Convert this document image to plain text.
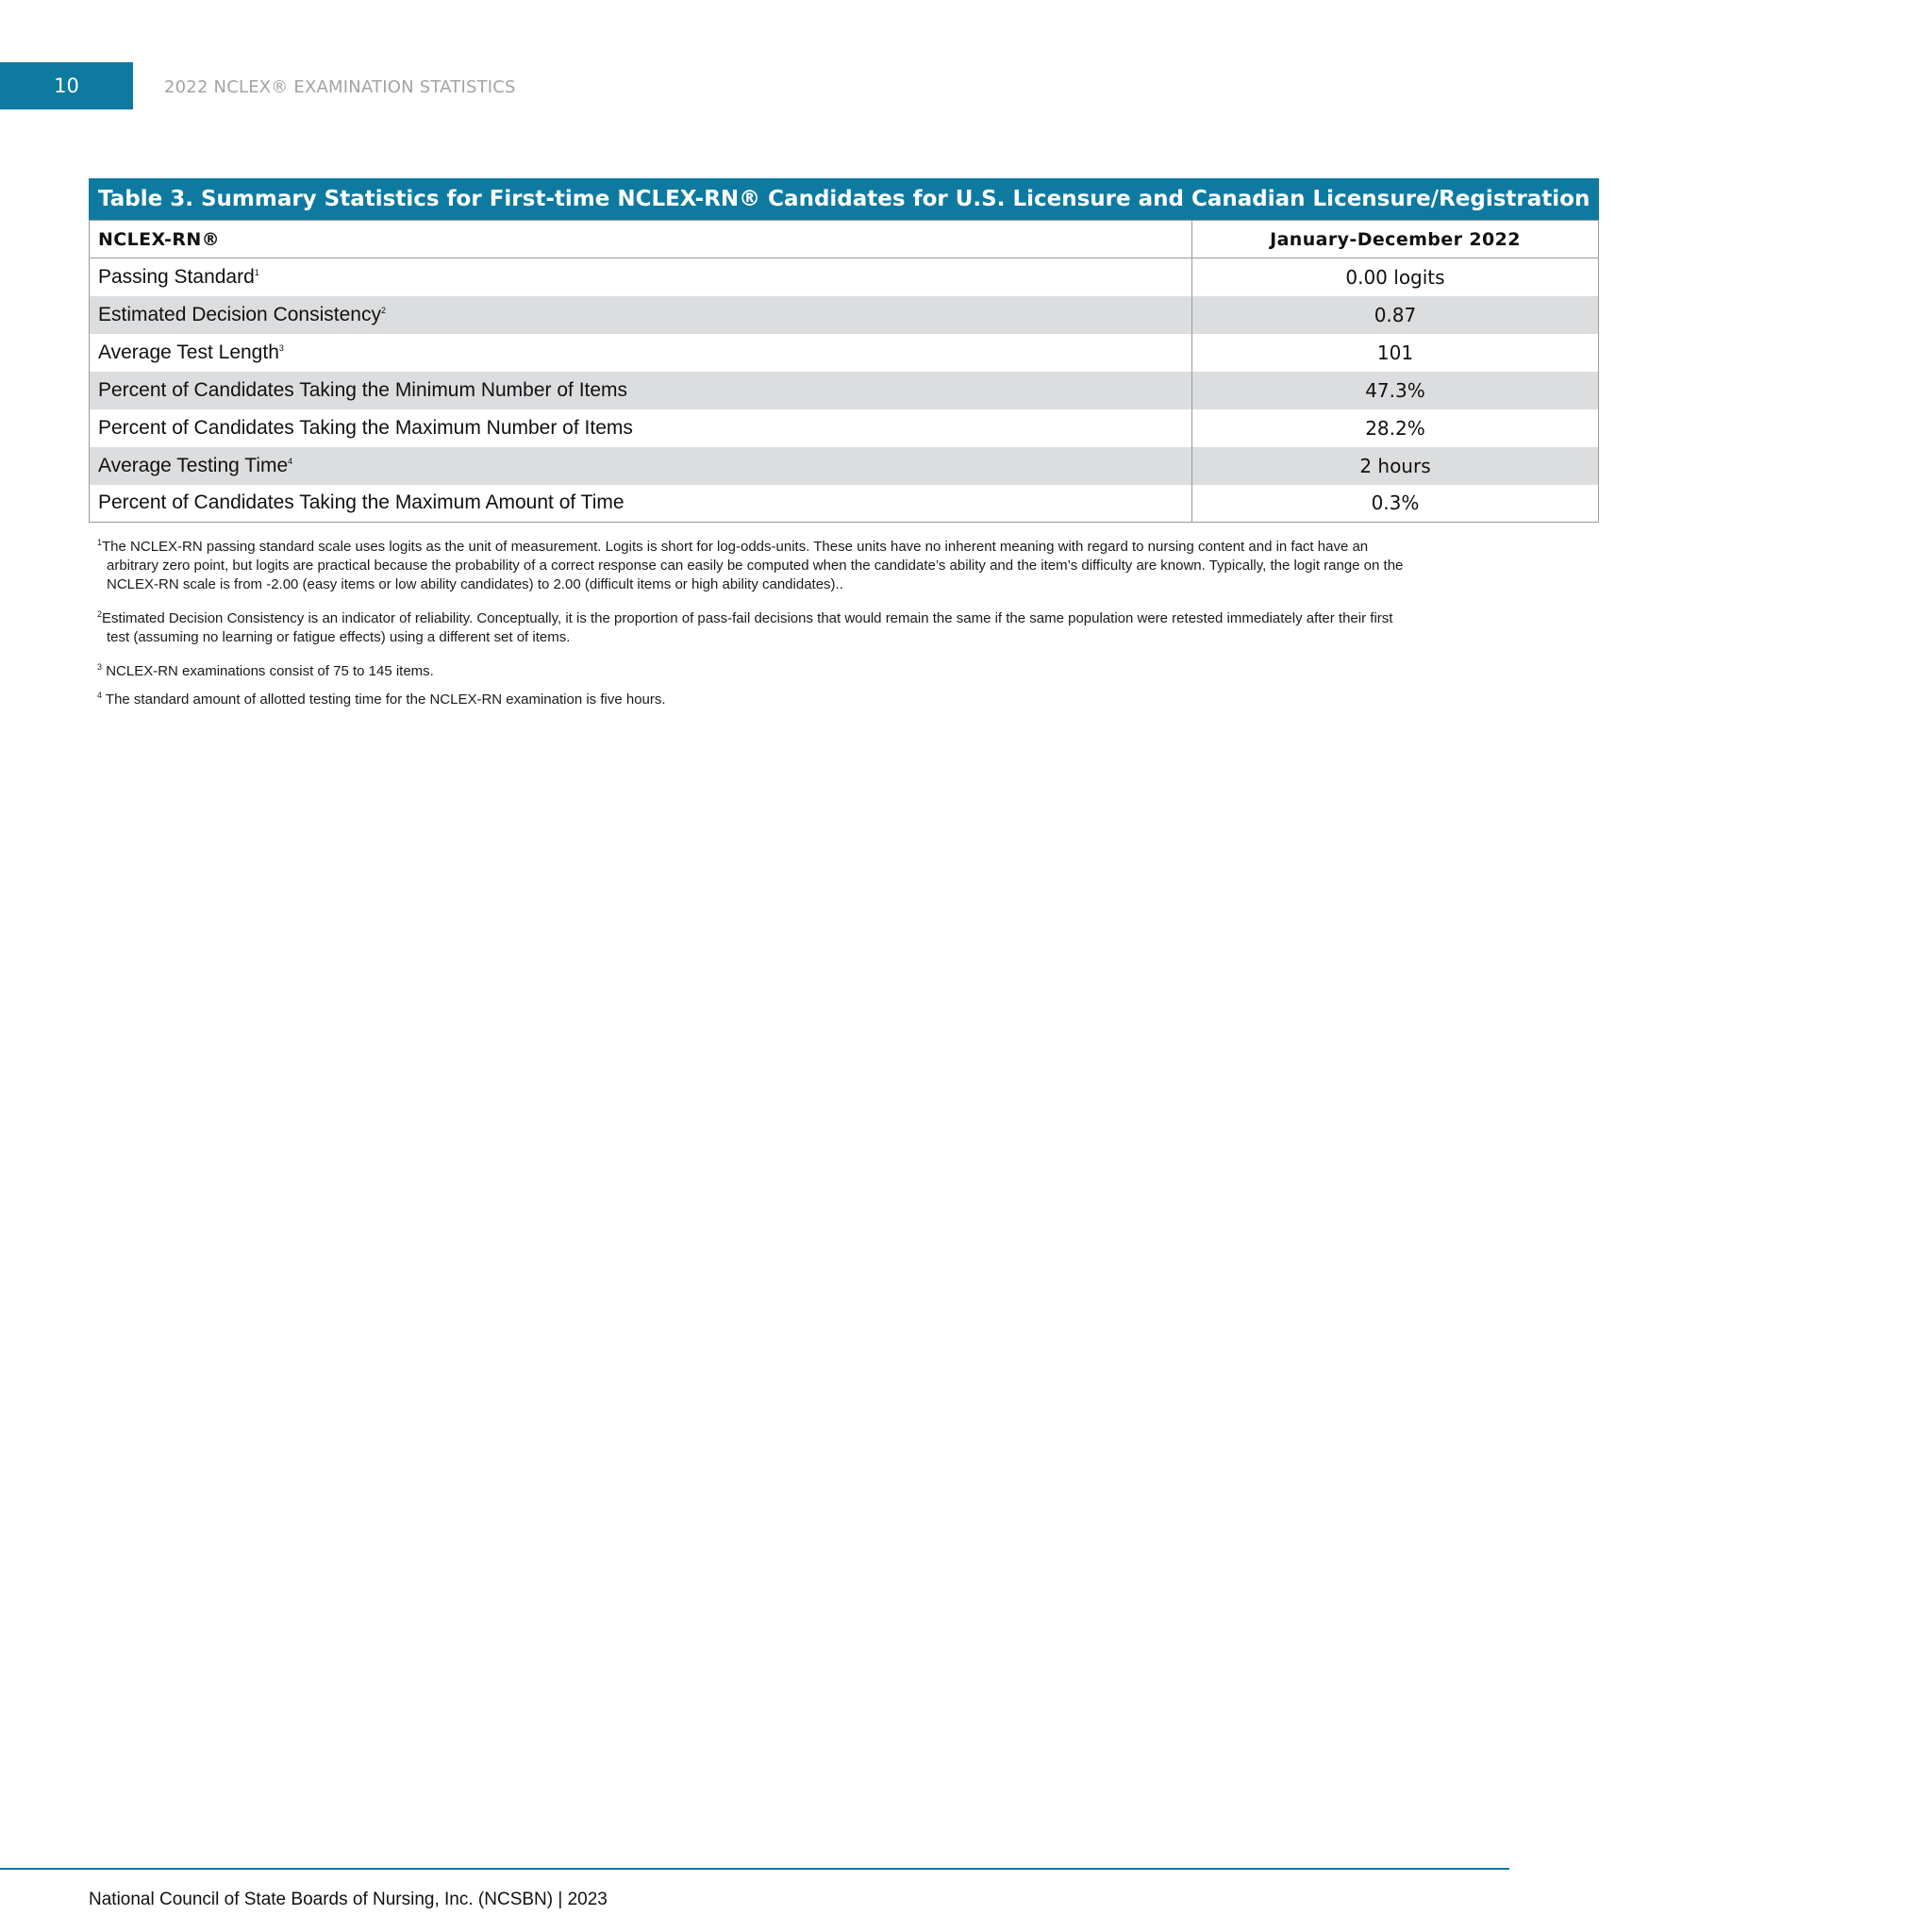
10	2022 NCLEX® EXAMINATION STATISTICS
Table 3. Summary Statistics for First-time NCLEX-RN® Candidates for U.S. Licensure and Canadian Licensure/Registration
NCLEX-RN®	January-December 2022
Passing Standard$^1$	0.00 logits
Estimated Decision Consistency$^2$	0.87
Average Test Length$^3$	101
Percent of Candidates Taking the Minimum Number of Items	47.3%
Percent of Candidates Taking the Maximum Number of Items	28.2%
Average Testing Time$^4$	2 hours
Percent of Candidates Taking the Maximum Amount of Time	0.3%

$^1$The NCLEX-RN passing standard scale uses logits as the unit of measurement. Logits is short for log-odds-units. These units have no inherent meaning with regard to nursing content and in fact have an arbitrary zero point, but logits are practical because the probability of a correct response can easily be computed when the candidate’s ability and the item’s difficulty are known. Typically, the logit range on the NCLEX-RN scale is from -2.00 (easy items or low ability candidates) to 2.00 (difficult items or high ability candidates)..

$^2$Estimated Decision Consistency is an indicator of reliability. Conceptually, it is the proportion of pass-fail decisions that would remain the same if the same population were retested immediately after their first test (assuming no learning or fatigue effects) using a different set of items.

$^3$ NCLEX-RN examinations consist of 75 to 145 items.

$^4$ The standard amount of allotted testing time for the NCLEX-RN examination is five hours.

National Council of State Boards of Nursing, Inc. (NCSBN) | 2023
